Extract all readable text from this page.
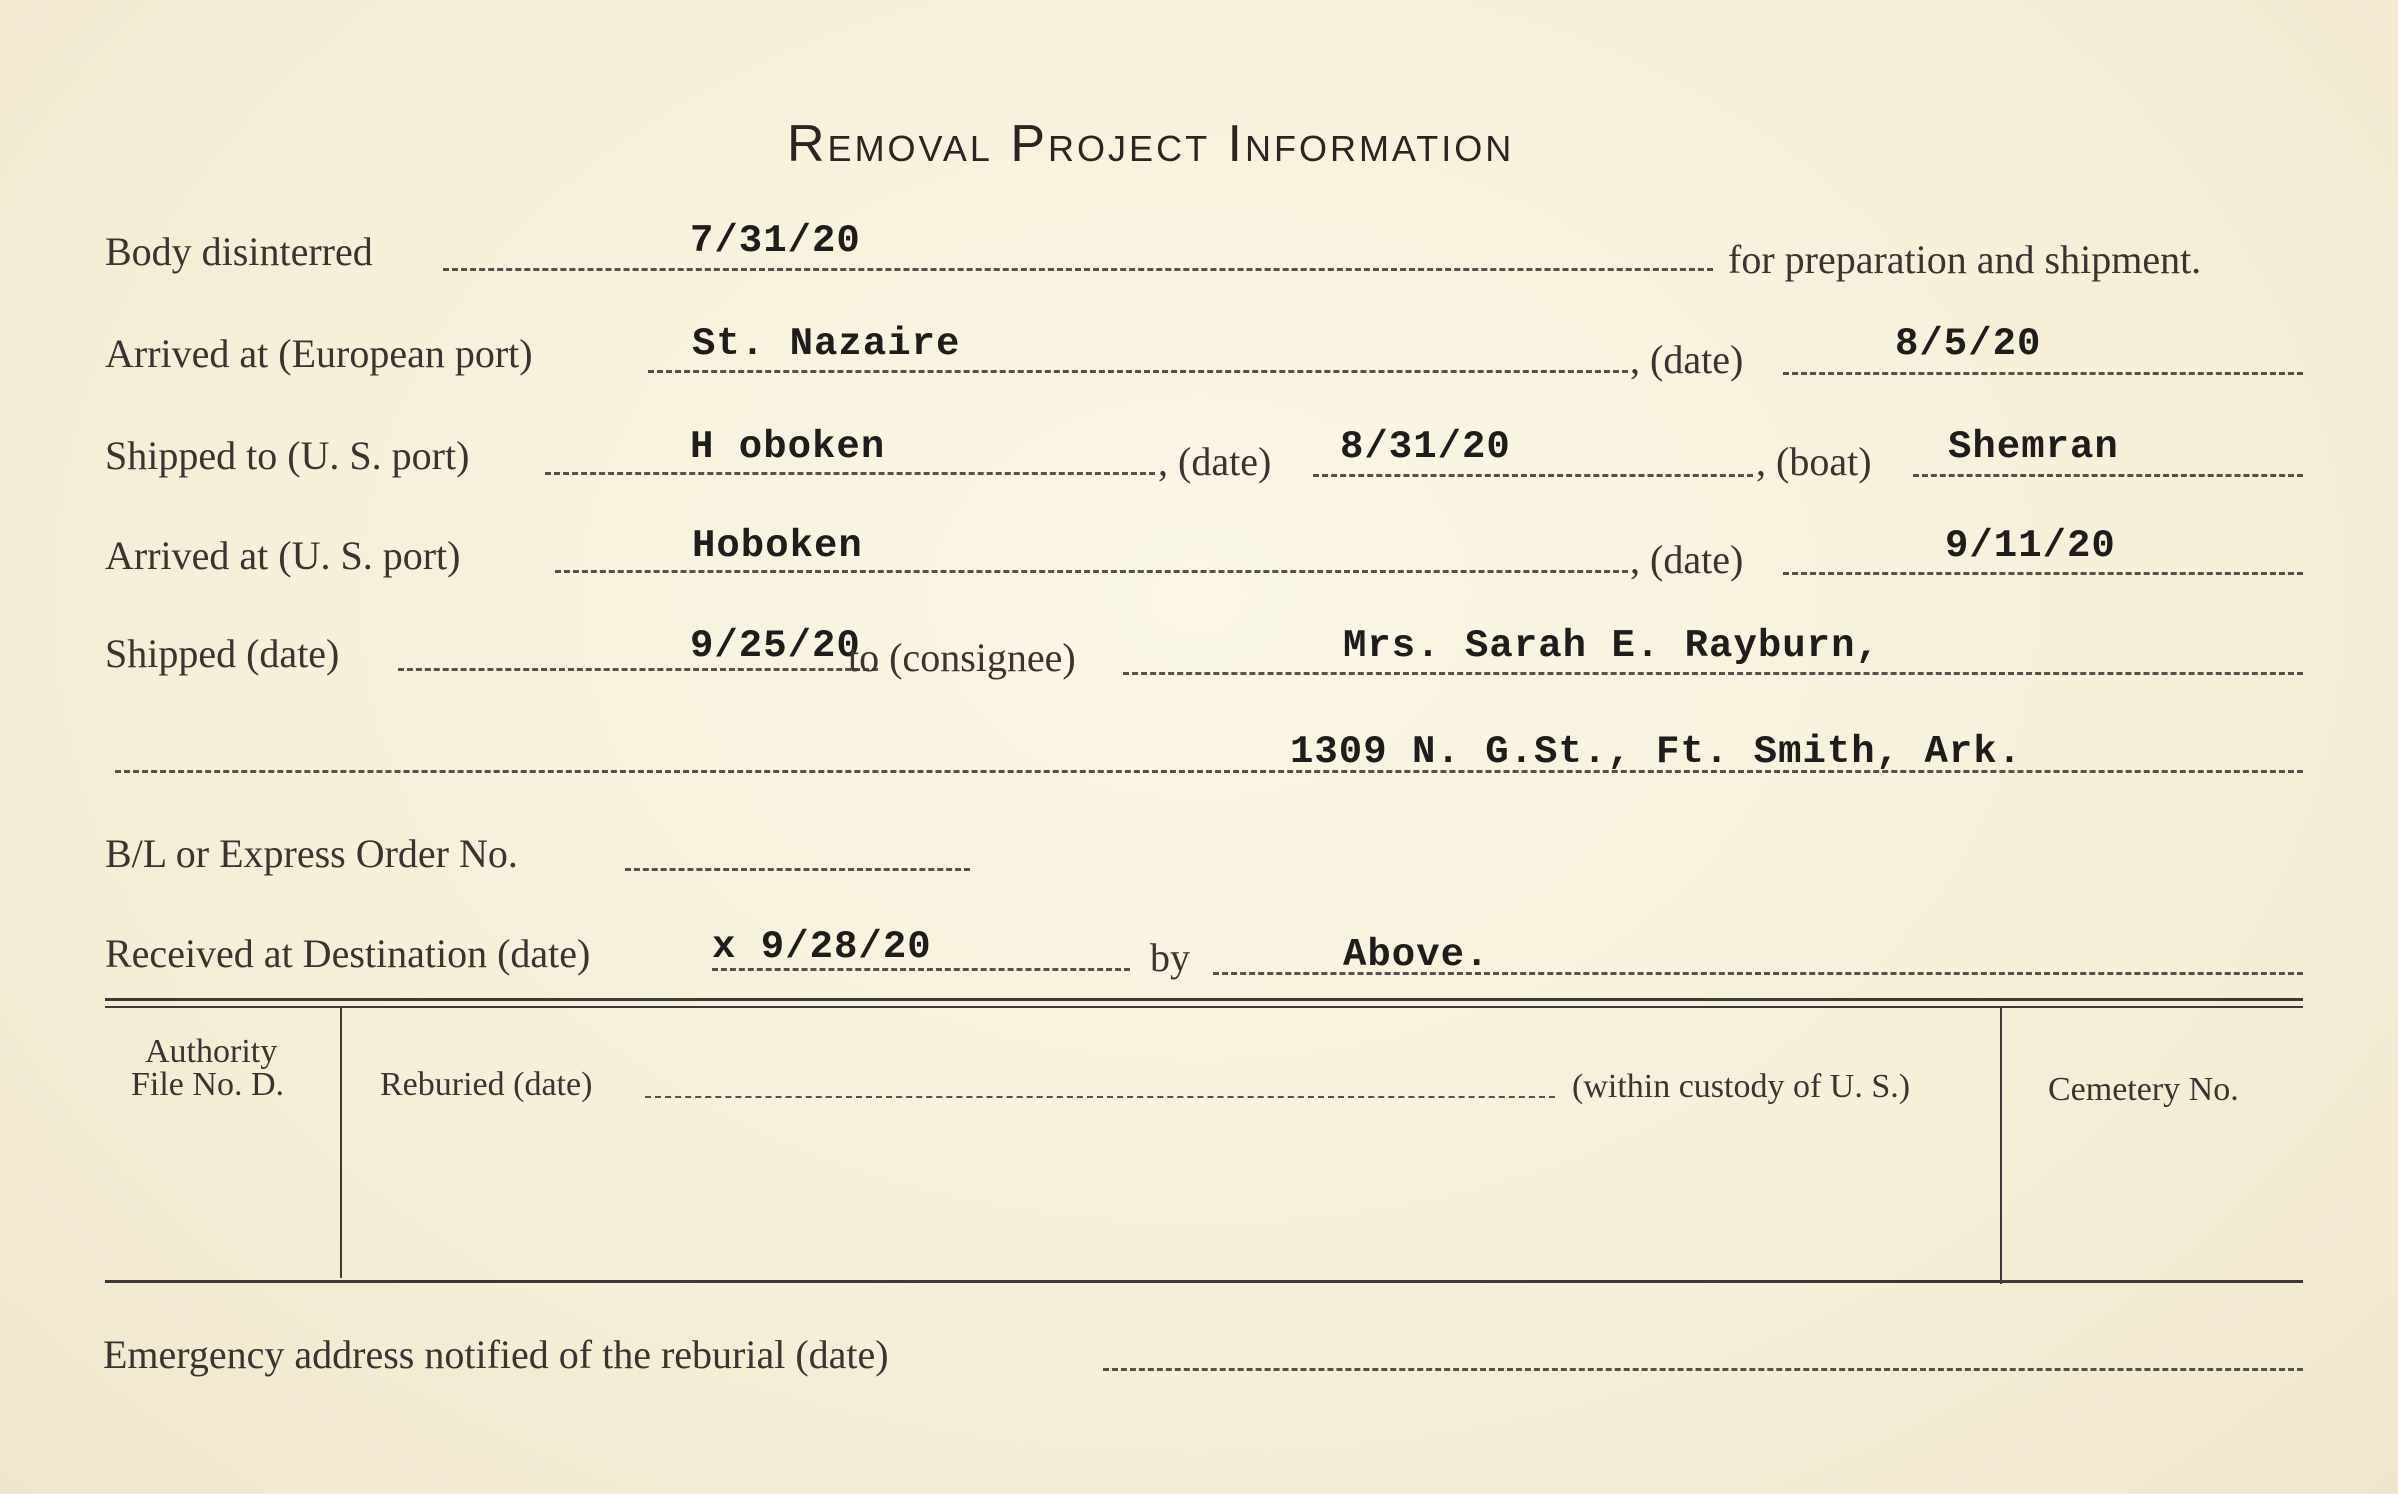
Removal Project Information
Body disinterred	7/31/20	for preparation and shipment.
Arrived at (European port)	St. Nazaire	, (date)	8/5/20
Shipped to (U. S. port)	H oboken	, (date) 8/31/20	, (boat) Shemran
Arrived at (U. S. port)	Hoboken	, (date)	9/11/20
Shipped (date)	9/25/20
to (consignee)	Mrs. Sarah E. Rayburn,
1309 N. G.St., Ft. Smith, Ark.
B/L or Express Order No.
Received at Destination (date)	x 9/28/20	by	Above.
Authority
File No. D.	Reburied (date)	(within custody of U. S.)	Cemetery No.
Emergency address notified of the reburial (date)
